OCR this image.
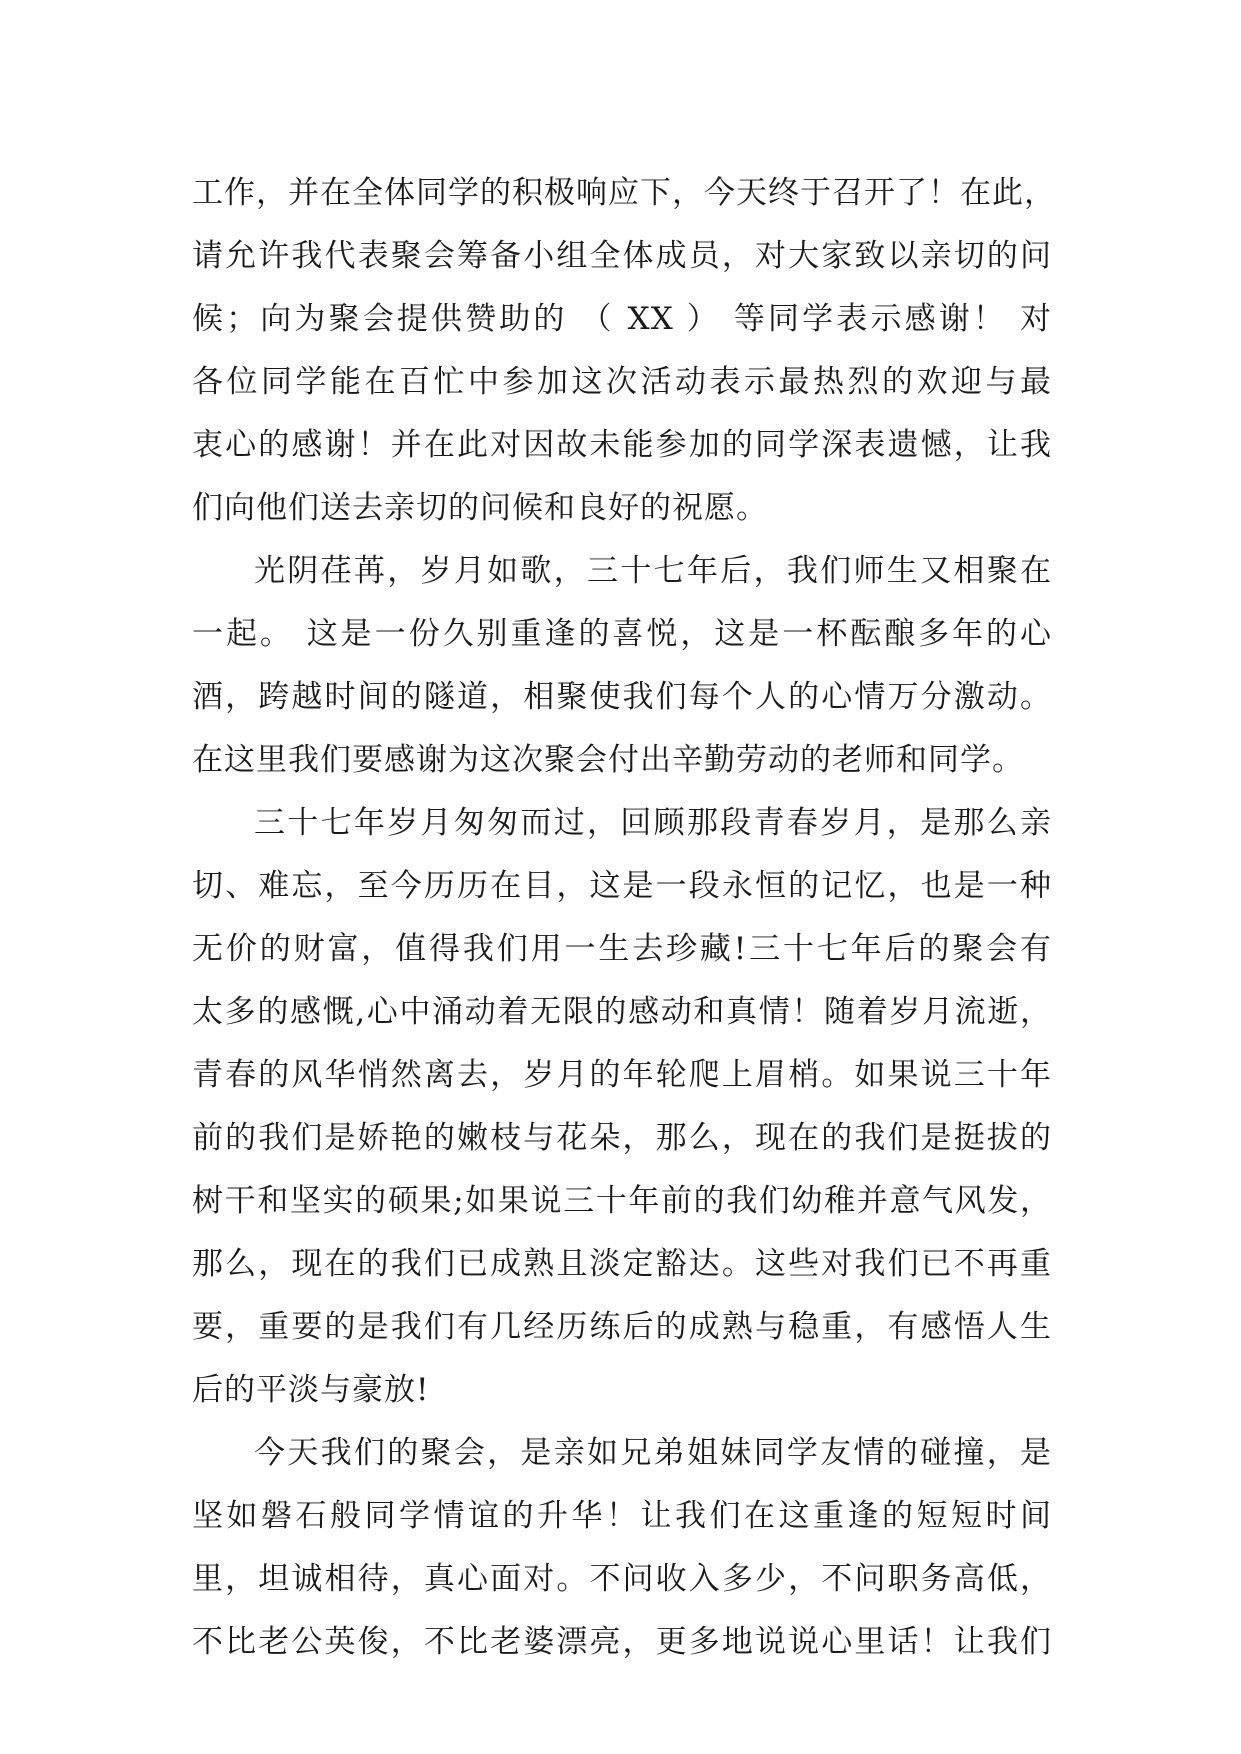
工作，并在全体同学的积极响应下，今天终于召开了！在此，
请允许我代表聚会筹备小组全体成员，对大家致以亲切的问
候；向为聚会提供赞助的 （ XX ） 等同学表示感谢！ 对
各位同学能在百忙中参加这次活动表示最热烈的欢迎与最
衷心的感谢！并在此对因故未能参加的同学深表遗憾，让我
们向他们送去亲切的问候和良好的祝愿。
光阴荏苒，岁月如歌，三十七年后，我们师生又相聚在
一起。 这是一份久别重逢的喜悦，这是一杯酝酿多年的心
酒，跨越时间的隧道，相聚使我们每个人的心情万分激动。
在这里我们要感谢为这次聚会付出辛勤劳动的老师和同学。
三十七年岁月匆匆而过，回顾那段青春岁月，是那么亲
切、难忘，至今历历在目，这是一段永恒的记忆，也是一种
无价的财富，值得我们用一生去珍藏!三十七年后的聚会有
太多的感慨,心中涌动着无限的感动和真情！随着岁月流逝，
青春的风华悄然离去，岁月的年轮爬上眉梢。如果说三十年
前的我们是娇艳的嫩枝与花朵，那么，现在的我们是挺拔的
树干和坚实的硕果;如果说三十年前的我们幼稚并意气风发，
那么，现在的我们已成熟且淡定豁达。这些对我们已不再重
要，重要的是我们有几经历练后的成熟与稳重，有感悟人生
后的平淡与豪放!
今天我们的聚会，是亲如兄弟姐妹同学友情的碰撞，是
坚如磐石般同学情谊的升华！让我们在这重逢的短短时间
里，坦诚相待，真心面对。不问收入多少，不问职务高低，
不比老公英俊，不比老婆漂亮，更多地说说心里话！让我们
